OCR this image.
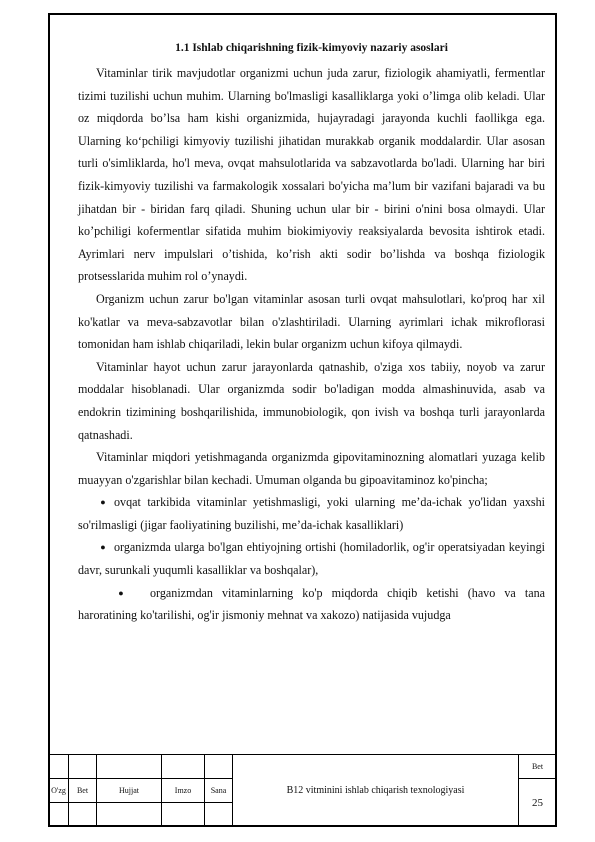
1.1 Ishlab chiqarishning fizik-kimyoviy nazariy asoslari

Vitaminlar tirik mavjudotlar organizmi uchun juda zarur, fiziologik ahamiyatli, fermentlar tizimi tuzilishi uchun muhim. Ularning bo'lmasligi kasalliklarga yoki o’limga olib keladi. Ular oz miqdorda bo’lsa ham kishi organizmida, hujayradagi jarayonda kuchli faollikga ega. Ularning ko‘pchiligi kimyoviy tuzilishi jihatidan murakkab organik moddalardir. Ular asosan turli o'simliklarda, ho'l meva, ovqat mahsulotlarida va sabzavotlarda bo'ladi. Ularning har biri fizik-kimyoviy tuzilishi va farmakologik xossalari bo'yicha ma’lum bir vazifani bajaradi va bu jihatdan bir - biridan farq qiladi. Shuning uchun ular bir - birini o'nini bosa olmaydi. Ular ko’pchiligi kofermentlar sifatida muhim biokimiyoviy reaksiyalarda bevosita ishtirok etadi. Ayrimlari nerv impulslari o’tishida, ko’rish akti sodir bo’lishda va boshqa fiziologik protsesslarida muhim rol o’ynaydi.

Organizm uchun zarur bo'lgan vitaminlar asosan turli ovqat mahsulotlari, ko'proq har xil ko'katlar va meva-sabzavotlar bilan o'zlashtiriladi. Ularning ayrimlari ichak mikroflorasi tomonidan ham ishlab chiqariladi, lekin bular organizm uchun kifoya qilmaydi.

Vitaminlar hayot uchun zarur jarayonlarda qatnashib, o'ziga xos tabiiy, noyob va zarur moddalar hisoblanadi. Ular organizmda sodir bo'ladigan modda almashinuvida, asab va endokrin tizimining boshqarilishida, immunobiologik, qon ivish va boshqa turli jarayonlarda qatnashadi.

Vitaminlar miqdori yetishmaganda organizmda gipovitaminozning alomatlari yuzaga kelib muayyan o'zgarishlar bilan kechadi. Umuman olganda bu gipoavitaminoz ko'pincha;

● ovqat tarkibida vitaminlar yetishmasligi, yoki ularning me’da-ichak yo'lidan yaxshi so'rilmasligi (jigar faoliyatining buzilishi, me’da-ichak kasalliklari)

● organizmda ularga bo'lgan ehtiyojning ortishi (homiladorlik, og'ir operatsiyadan keyingi davr, surunkali yuqumli kasalliklar va boshqalar),

● organizmdan vitaminlarning ko'p miqdorda chiqib ketishi (havo va tana haroratining ko'tarilishi, og'ir jismoniy mehnat va xakozo) natijasida vujudga

					B12 vitminini ishlab chiqarish texnologiyasi	Bet
O'zg	Bet	Hujjat	Imzo	Sana		25
